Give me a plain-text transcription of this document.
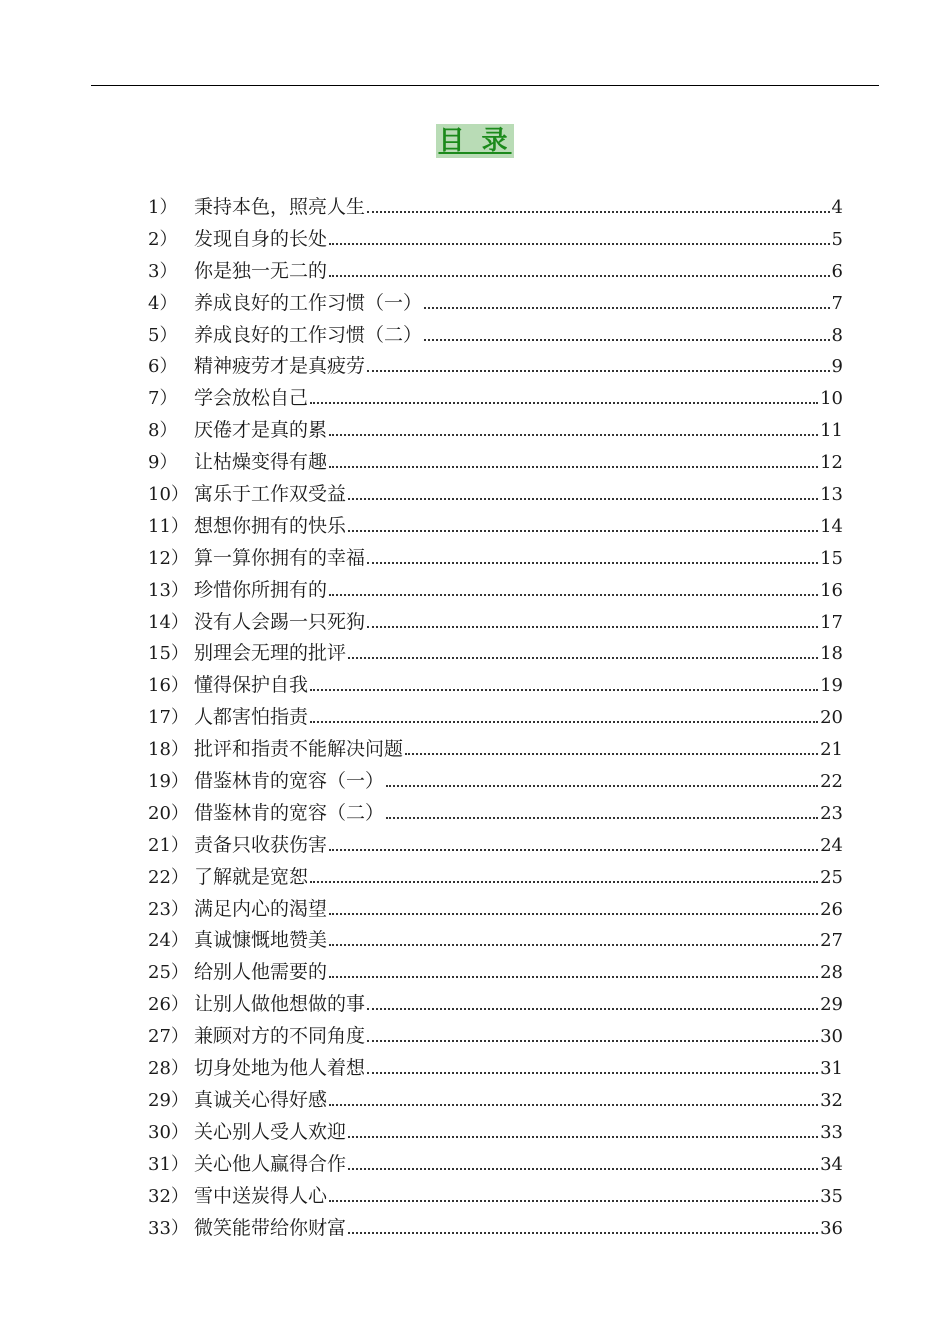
目 录
1） 秉持本色，照亮人生	4
2） 发现自身的长处	5
3） 你是独一无二的	6
4） 养成良好的工作习惯（一）	7
5） 养成良好的工作习惯（二）	8
6） 精神疲劳才是真疲劳	9
7） 学会放松自己	10
8） 厌倦才是真的累	11
9） 让枯燥变得有趣	12
10） 寓乐于工作双受益	13
11） 想想你拥有的快乐	14
12） 算一算你拥有的幸福	15
13） 珍惜你所拥有的	16
14） 没有人会踢一只死狗	17
15） 别理会无理的批评	18
16） 懂得保护自我	19
17） 人都害怕指责	20
18） 批评和指责不能解决问题	21
19） 借鉴林肯的宽容（一）	22
20） 借鉴林肯的宽容（二）	23
21） 责备只收获伤害	24
22） 了解就是宽恕	25
23） 满足内心的渴望	26
24） 真诚慷慨地赞美	27
25） 给别人他需要的	28
26） 让别人做他想做的事	29
27） 兼顾对方的不同角度	30
28） 切身处地为他人着想	31
29） 真诚关心得好感	32
30） 关心别人受人欢迎	33
31） 关心他人赢得合作	34
32） 雪中送炭得人心	35
33） 微笑能带给你财富	36
